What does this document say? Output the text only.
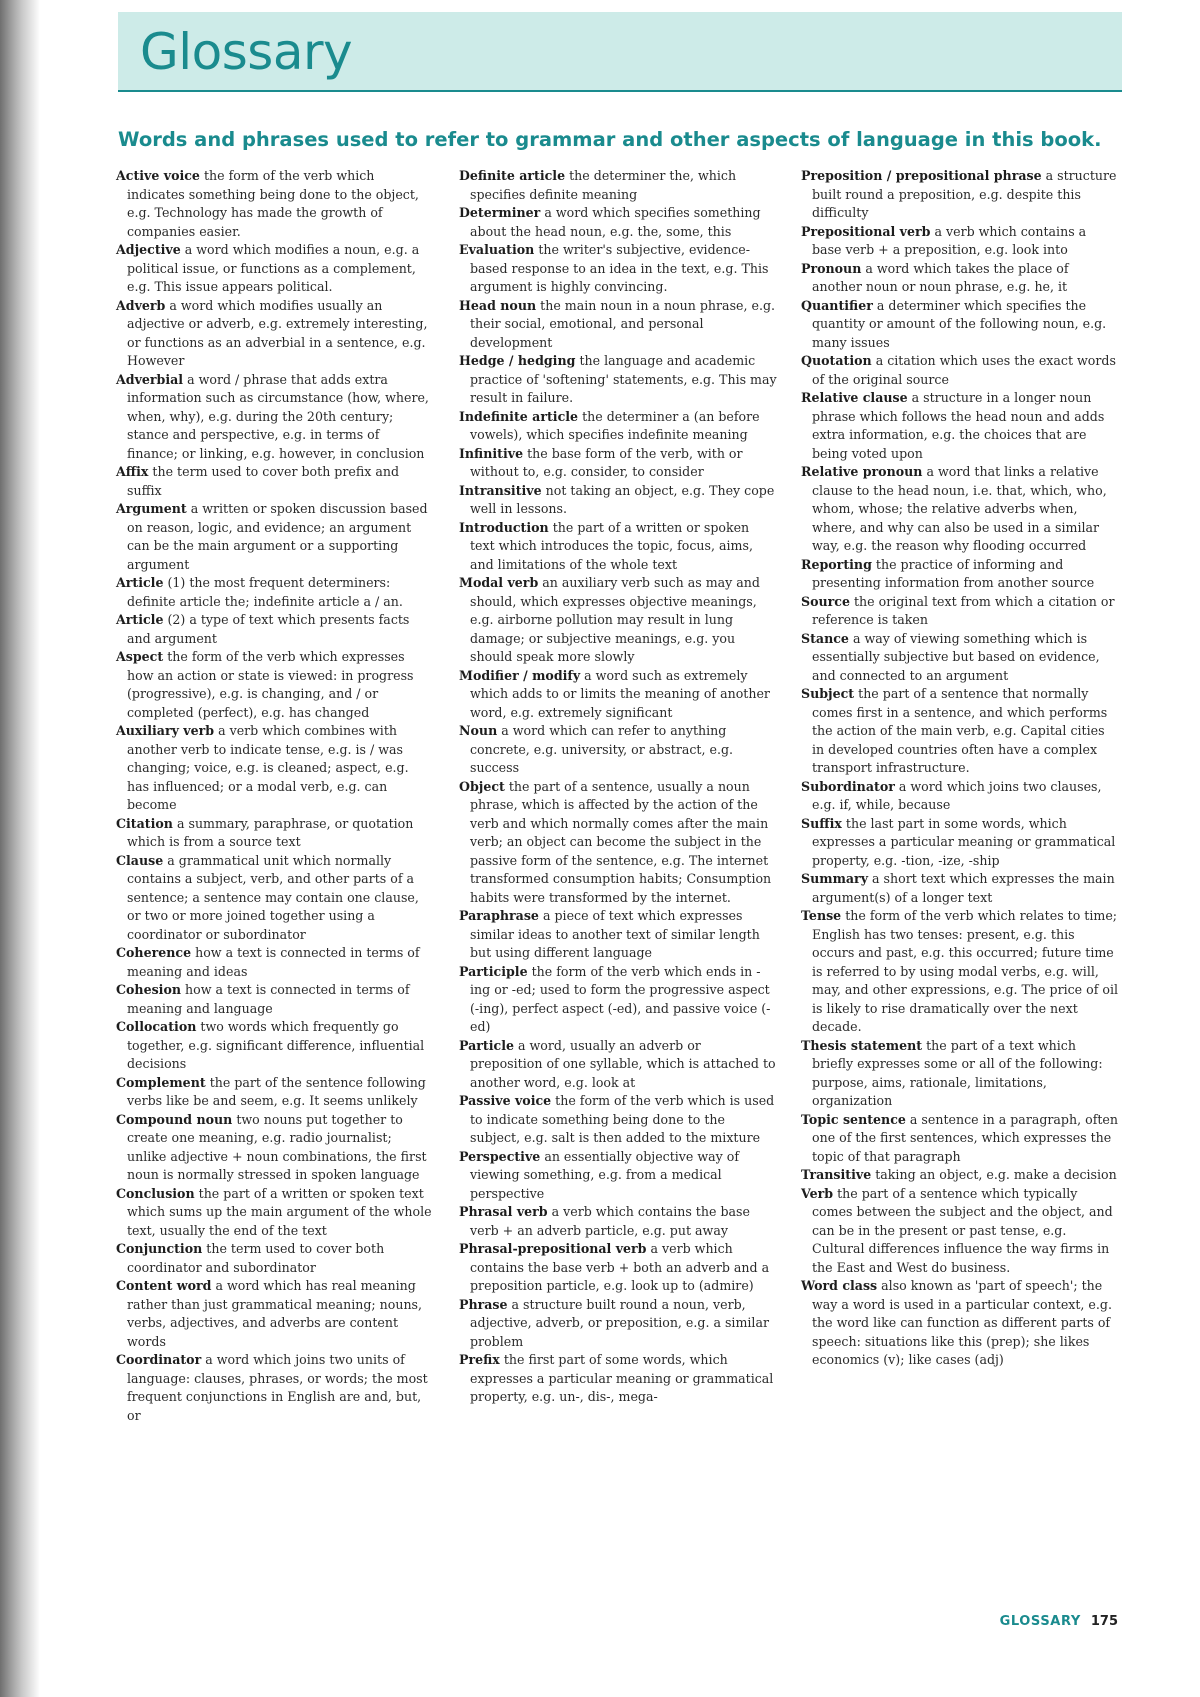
Glossary
Words and phrases used to refer to grammar and other aspects of language in this book.

Active voice the form of the verb which indicates something being done to the object, e.g. Technology has made the growth of companies easier.

Adjective a word which modifies a noun, e.g. a political issue, or functions as a complement, e.g. This issue appears political.

Adverb a word which modifies usually an adjective or adverb, e.g. extremely interesting, or functions as an adverbial in a sentence, e.g. However

Adverbial a word / phrase that adds extra information such as circumstance (how, where, when, why), e.g. during the 20th century; stance and perspective, e.g. in terms of finance; or linking, e.g. however, in conclusion

Affix the term used to cover both prefix and suffix

Argument a written or spoken discussion based on reason, logic, and evidence; an argument can be the main argument or a supporting argument

Article (1) the most frequent determiners: definite article the; indefinite article a / an.

Article (2) a type of text which presents facts and argument

Aspect the form of the verb which expresses how an action or state is viewed: in progress (progressive), e.g. is changing, and / or completed (perfect), e.g. has changed

Auxiliary verb a verb which combines with another verb to indicate tense, e.g. is / was changing; voice, e.g. is cleaned; aspect, e.g. has influenced; or a modal verb, e.g. can become

Citation a summary, paraphrase, or quotation which is from a source text

Clause a grammatical unit which normally contains a subject, verb, and other parts of a sentence; a sentence may contain one clause, or two or more joined together using a coordinator or subordinator

Coherence how a text is connected in terms of meaning and ideas

Cohesion how a text is connected in terms of meaning and language

Collocation two words which frequently go together, e.g. significant difference, influential decisions

Complement the part of the sentence following verbs like be and seem, e.g. It seems unlikely

Compound noun two nouns put together to create one meaning, e.g. radio journalist; unlike adjective + noun combinations, the first noun is normally stressed in spoken language

Conclusion the part of a written or spoken text which sums up the main argument of the whole text, usually the end of the text

Conjunction the term used to cover both coordinator and subordinator

Content word a word which has real meaning rather than just grammatical meaning; nouns, verbs, adjectives, and adverbs are content words

Coordinator a word which joins two units of language: clauses, phrases, or words; the most frequent conjunctions in English are and, but, or

Definite article the determiner the, which specifies definite meaning

Determiner a word which specifies something about the head noun, e.g. the, some, this

Evaluation the writer's subjective, evidence-based response to an idea in the text, e.g. This argument is highly convincing.

Head noun the main noun in a noun phrase, e.g. their social, emotional, and personal development

Hedge / hedging the language and academic practice of 'softening' statements, e.g. This may result in failure.

Indefinite article the determiner a (an before vowels), which specifies indefinite meaning

Infinitive the base form of the verb, with or without to, e.g. consider, to consider

Intransitive not taking an object, e.g. They cope well in lessons.

Introduction the part of a written or spoken text which introduces the topic, focus, aims, and limitations of the whole text

Modal verb an auxiliary verb such as may and should, which expresses objective meanings, e.g. airborne pollution may result in lung damage; or subjective meanings, e.g. you should speak more slowly

Modifier / modify a word such as extremely which adds to or limits the meaning of another word, e.g. extremely significant

Noun a word which can refer to anything concrete, e.g. university, or abstract, e.g. success

Object the part of a sentence, usually a noun phrase, which is affected by the action of the verb and which normally comes after the main verb; an object can become the subject in the passive form of the sentence, e.g. The internet transformed consumption habits; Consumption habits were transformed by the internet.

Paraphrase a piece of text which expresses similar ideas to another text of similar length but using different language

Participle the form of the verb which ends in -ing or -ed; used to form the progressive aspect (-ing), perfect aspect (-ed), and passive voice (-ed)

Particle a word, usually an adverb or preposition of one syllable, which is attached to another word, e.g. look at

Passive voice the form of the verb which is used to indicate something being done to the subject, e.g. salt is then added to the mixture

Perspective an essentially objective way of viewing something, e.g. from a medical perspective

Phrasal verb a verb which contains the base verb + an adverb particle, e.g. put away

Phrasal-prepositional verb a verb which contains the base verb + both an adverb and a preposition particle, e.g. look up to (admire)

Phrase a structure built round a noun, verb, adjective, adverb, or preposition, e.g. a similar problem

Prefix the first part of some words, which expresses a particular meaning or grammatical property, e.g. un-, dis-, mega-

Preposition / prepositional phrase a structure built round a preposition, e.g. despite this difficulty

Prepositional verb a verb which contains a base verb + a preposition, e.g. look into

Pronoun a word which takes the place of another noun or noun phrase, e.g. he, it

Quantifier a determiner which specifies the quantity or amount of the following noun, e.g. many issues

Quotation a citation which uses the exact words of the original source

Relative clause a structure in a longer noun phrase which follows the head noun and adds extra information, e.g. the choices that are being voted upon

Relative pronoun a word that links a relative clause to the head noun, i.e. that, which, who, whom, whose; the relative adverbs when, where, and why can also be used in a similar way, e.g. the reason why flooding occurred

Reporting the practice of informing and presenting information from another source

Source the original text from which a citation or reference is taken

Stance a way of viewing something which is essentially subjective but based on evidence, and connected to an argument

Subject the part of a sentence that normally comes first in a sentence, and which performs the action of the main verb, e.g. Capital cities in developed countries often have a complex transport infrastructure.

Subordinator a word which joins two clauses, e.g. if, while, because

Suffix the last part in some words, which expresses a particular meaning or grammatical property, e.g. -tion, -ize, -ship

Summary a short text which expresses the main argument(s) of a longer text

Tense the form of the verb which relates to time; English has two tenses: present, e.g. this occurs and past, e.g. this occurred; future time is referred to by using modal verbs, e.g. will, may, and other expressions, e.g. The price of oil is likely to rise dramatically over the next decade.

Thesis statement the part of a text which briefly expresses some or all of the following: purpose, aims, rationale, limitations, organization

Topic sentence a sentence in a paragraph, often one of the first sentences, which expresses the topic of that paragraph

Transitive taking an object, e.g. make a decision

Verb the part of a sentence which typically comes between the subject and the object, and can be in the present or past tense, e.g. Cultural differences influence the way firms in the East and West do business.

Word class also known as 'part of speech'; the way a word is used in a particular context, e.g. the word like can function as different parts of speech: situations like this (prep); she likes economics (v); like cases (adj)

GLOSSARY 175
